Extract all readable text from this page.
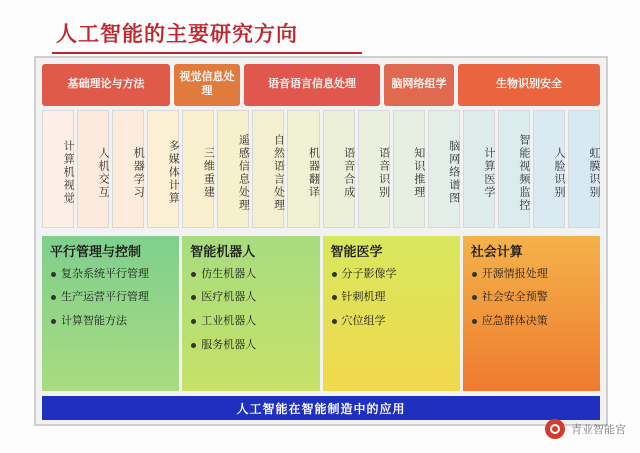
人工智能的主要研究方向
基础理论与方法
视觉信息处理
语音语言信息处理	脑网络组学	生物识别安全
计算机视觉	人机交互	机器学习	多媒体计算	三维重建	遥感信息处理	自然语言处理	机器翻译	语音合成	语音识别	知识推理	脑网络谱图	计算医学	智能视频监控	人脸识别	虹膜识别
平行管理与控制
复杂系统平行管理
生产运营平行管理
计算智能方法
智能机器人
仿生机器人
医疗机器人
工业机器人
服务机器人
智能医学
分子影像学
针刺机理
穴位组学
社会计算
开源情报处理
社会安全预警
应急群体决策
人工智能在智能制造中的应用
青业智能官
